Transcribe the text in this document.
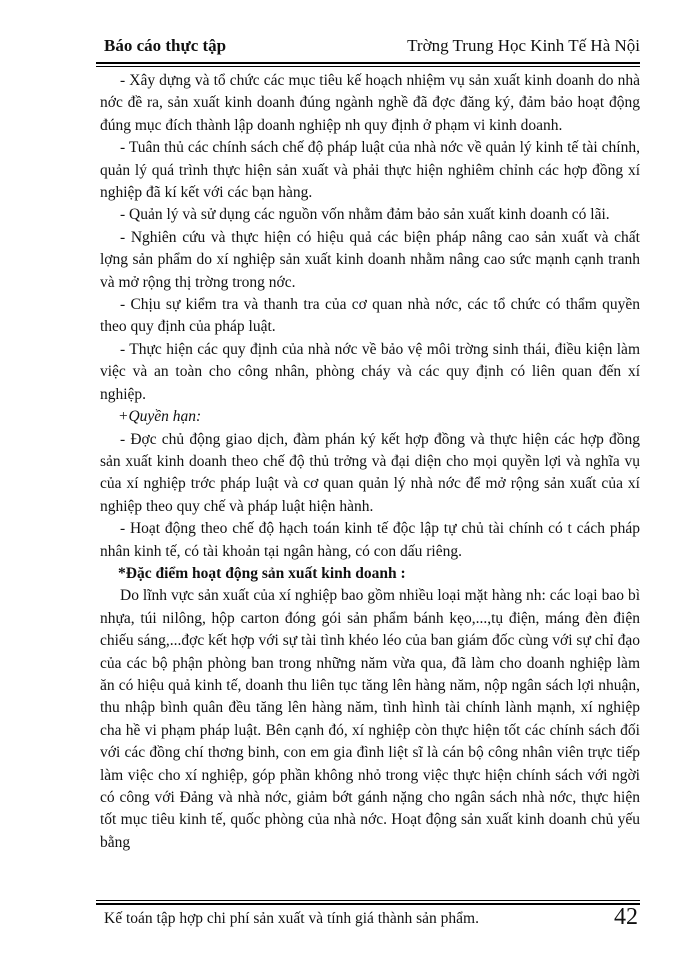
Báo cáo thực tập	Trờng Trung Học Kinh Tế Hà Nội

- Xây dựng và tổ chức các mục tiêu kế hoạch nhiệm vụ sản xuất kinh doanh do nhà nớc đề ra, sản xuất kinh doanh đúng ngành nghề đã đợc đăng ký, đảm bảo hoạt động đúng mục đích thành lập doanh nghiệp nh quy định ở phạm vi kinh doanh.

- Tuân thủ các chính sách chế độ pháp luật của nhà nớc về quản lý kinh tế tài chính, quản lý quá trình thực hiện sản xuất và phải thực hiện nghiêm chỉnh các hợp đồng xí nghiệp đã kí kết với các bạn hàng.

- Quản lý và sử dụng các nguồn vốn nhằm đảm bảo sản xuất kinh doanh có lãi.

- Nghiên cứu và thực hiện có hiệu quả các biện pháp nâng cao sản xuất và chất lợng sản phẩm do xí nghiệp sản xuất kinh doanh nhằm nâng cao sức mạnh cạnh tranh và mở rộng thị trờng trong nớc.

- Chịu sự kiểm tra và thanh tra của cơ quan nhà nớc, các tổ chức có thẩm quyền theo quy định của pháp luật.

- Thực hiện các quy định của nhà nớc về bảo vệ môi trờng sinh thái, điều kiện làm việc và an toàn cho công nhân, phòng cháy và các quy định có liên quan đến xí nghiệp.

+Quyền hạn:

- Đợc chủ động giao dịch, đàm phán ký kết hợp đồng và thực hiện các hợp đồng sản xuất kinh doanh theo chế độ thủ trởng và đại diện cho mọi quyền lợi và nghĩa vụ của xí nghiệp trớc pháp luật và cơ quan quản lý nhà nớc để mở rộng sản xuất của xí nghiệp theo quy chế và pháp luật hiện hành.

- Hoạt động theo chế độ hạch toán kinh tế độc lập tự chủ tài chính có t cách pháp nhân kinh tế, có tài khoản tại ngân hàng, có con dấu riêng.

*Đặc điểm hoạt động sản xuất kinh doanh :

Do lĩnh vực sản xuất của xí nghiệp bao gồm nhiều loại mặt hàng nh: các loại bao bì nhựa, túi nilông, hộp carton đóng gói sản phẩm bánh kẹo,...,tụ điện, máng đèn điện chiếu sáng,...đợc kết hợp với sự tài tình khéo léo của ban giám đốc cùng với sự chỉ đạo của các bộ phận phòng ban trong những năm vừa qua, đã làm cho doanh nghiệp làm ăn có hiệu quả kinh tế, doanh thu liên tục tăng lên hàng năm, nộp ngân sách lợi nhuận, thu nhập bình quân đều tăng lên hàng năm, tình hình tài chính lành mạnh, xí nghiệp cha hề vi phạm pháp luật. Bên cạnh đó, xí nghiệp còn thực hiện tốt các chính sách đối với các đồng chí thơng binh, con em gia đình liệt sĩ là cán bộ công nhân viên trực tiếp làm việc cho xí nghiệp, góp phần không nhỏ trong việc thực hiện chính sách với ngời có công với Đảng và nhà nớc, giảm bớt gánh nặng cho ngân sách nhà nớc, thực hiện tốt mục tiêu kinh tế, quốc phòng của nhà nớc. Hoạt động sản xuất kinh doanh chủ yếu bằng

Kế toán tập hợp chi phí sản xuất và tính giá thành sản phẩm.	42
